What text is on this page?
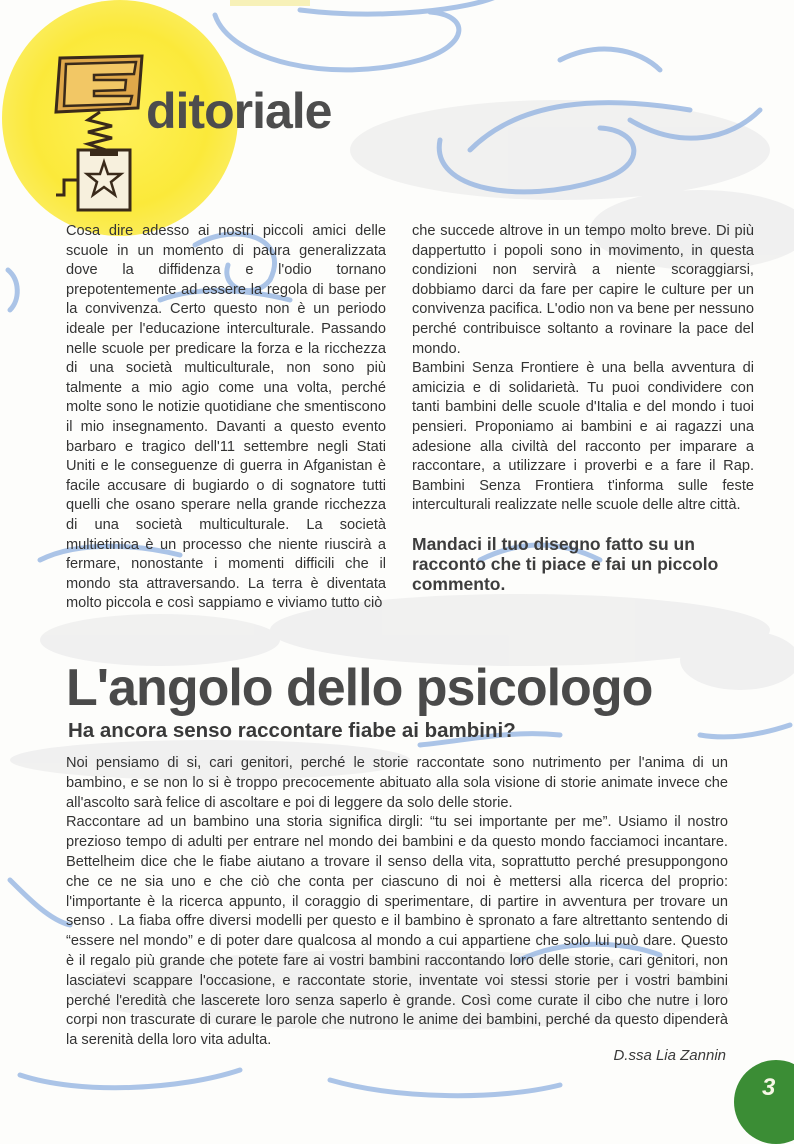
ditoriale

Cosa dire adesso ai nostri piccoli amici delle scuole in un momento di paura generalizzata dove la diffidenza e l'odio tornano prepotentemente ad essere la regola di base per la convivenza. Certo questo non è un periodo ideale per l'educazione interculturale. Passando nelle scuole per predicare la forza e la ricchezza di una società multiculturale, non sono più talmente a mio agio come una volta, perché molte sono le notizie quotidiane che smentiscono il mio insegnamento. Davanti a questo evento barbaro e tragico dell'11 settembre negli Stati Uniti e le conseguenze di guerra in Afganistan è facile accusare di bugiardo o di sognatore tutti quelli che osano sperare nella grande ricchezza di una società multiculturale. La società multietinica è un processo che niente riuscirà a fermare, nonostante i momenti difficili che il mondo sta attraversando. La terra è diventata molto piccola e così sappiamo e viviamo tutto ciò

che succede altrove in un tempo molto breve. Di più dappertutto i popoli sono in movimento, in questa condizioni non servirà a niente scoraggiarsi, dobbiamo darci da fare per capire le culture per un convivenza pacifica. L'odio non va bene per nessuno perché contribuisce soltanto a rovinare la pace del mondo.

Bambini Senza Frontiere è una bella avventura di amicizia e di solidarietà. Tu puoi condividere con tanti bambini delle scuole d'Italia e del mondo i tuoi pensieri. Proponiamo ai bambini e ai ragazzi una adesione alla civiltà del racconto per imparare a raccontare, a utilizzare i proverbi e a fare il Rap. Bambini Senza Frontiera t'informa sulle feste interculturali realizzate nelle scuole delle altre città.

Mandaci il tuo disegno fatto su un racconto che ti piace e fai un piccolo commento.

L'angolo dello psicologo
Ha ancora senso raccontare fiabe ai bambini?

Noi pensiamo di si, cari genitori, perché le storie raccontate sono nutrimento per l'anima di un bambino, e se non lo si è troppo precocemente abituato alla sola visione di storie animate invece che all'ascolto sarà felice di ascoltare e poi di leggere da solo delle storie.

Raccontare ad un bambino una storia significa dirgli: “tu sei importante per me”. Usiamo il nostro prezioso tempo di adulti per entrare nel mondo dei bambini e da questo mondo facciamoci incantare. Bettelheim dice che le fiabe aiutano a trovare il senso della vita, soprattutto perché presuppongono che ce ne sia uno e che ciò che conta per ciascuno di noi è mettersi alla ricerca del proprio: l'importante è la ricerca appunto, il coraggio di sperimentare, di partire in avventura per trovare un senso . La fiaba offre diversi modelli per questo e il bambino è spronato a fare altrettanto sentendo di “essere nel mondo” e di poter dare qualcosa al mondo a cui appartiene che solo lui può dare. Questo è il regalo più grande che potete fare ai vostri bambini raccontando loro delle storie, cari genitori, non lasciatevi scappare l'occasione, e raccontate storie, inventate voi stessi storie per i vostri bambini perché l'eredità che lascerete loro senza saperlo è grande. Così come curate il cibo che nutre i loro corpi non trascurate di curare le parole che nutrono le anime dei bambini, perché da questo dipenderà la serenità della loro vita adulta.

D.ssa Lia Zannin
3
